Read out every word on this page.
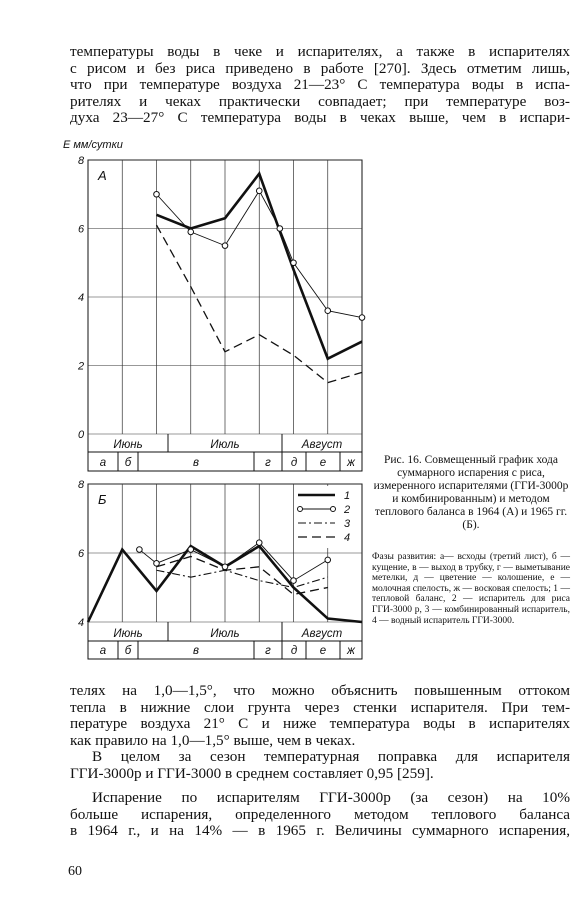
температуры воды в чеке и испарителях, а также в испарителях
с рисом и без риса приведено в работе [270]. Здесь отметим лишь,
что при температуре воздуха 21—23° С температура воды в испа-
рителях и чеках практически совпадает; при температуре воз-
духа 23—27° С температура воды в чеках выше, чем в испари-
0
2
4
6
8
Июнь	Июль	Август
а б	в	г д е ж
А
E мм/сутки
4
6
8
Июнь	Июль	Август
а б	в	г д е ж
Б	1
2
3
4
Рис. 16. Совмещенный график хода суммарного испарения с риса, измеренного испарителями (ГГИ-3000р и комбинированным) и методом теплового баланса в 1964 (А) и 1965 гг. (Б).
Фазы развития: а— всходы (третий лист), б — кущение, в — выход в трубку, г — выметывание метелки, д — цветение — колошение, е — молочная спелость, ж — восковая спелость; 1 — тепловой баланс, 2 — испаритель для риса ГГИ-3000 р, 3 — комбинированный испаритель, 4 — водный испаритель ГГИ-3000.
телях на 1,0—1,5°, что можно объяснить повышенным оттоком
тепла в нижние слои грунта через стенки испарителя. При тем-
пературе воздуха 21° С и ниже температура воды в испарителях
как правило на 1,0—1,5° выше, чем в чеках.
В целом за сезон температурная поправка для испарителя
ГГИ-3000р и ГГИ-3000 в среднем составляет 0,95 [259].
Испарение по испарителям ГГИ-3000р (за сезон) на 10%
больше испарения, определенного методом теплового баланса
в 1964 г., и на 14% — в 1965 г. Величины суммарного испарения,
60
